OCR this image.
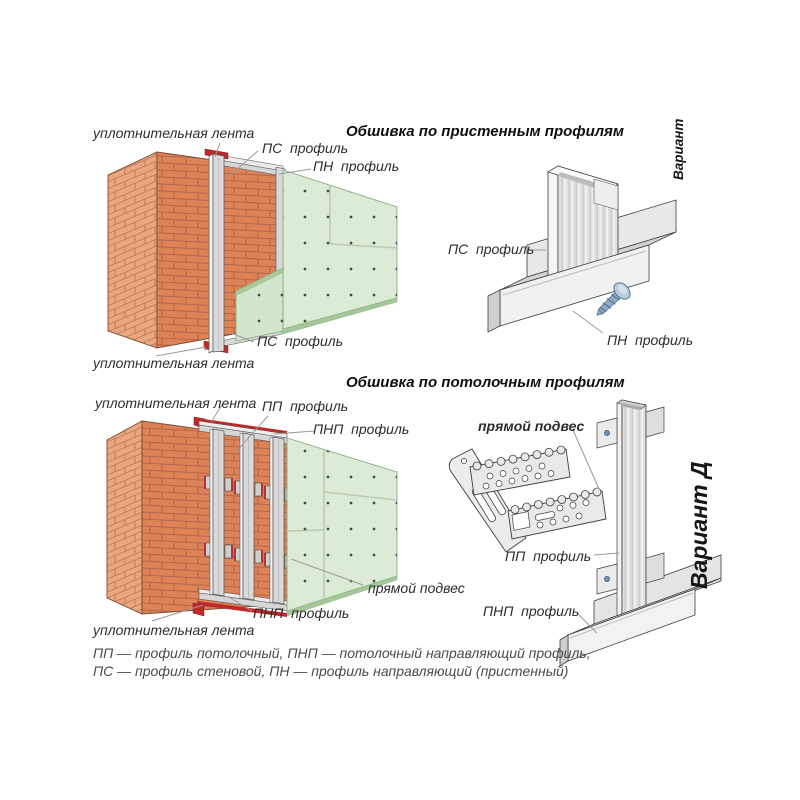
Обшивка по пристенным профилям
уплотнительная лента
ПС  профиль
ПН  профиль
ПС  профиль
уплотнительная лента
ПС  профиль
ПН  профиль
Вариант
Обшивка по потолочным профилям
уплотнительная лента ПП  профиль
ПНП  профиль
прямой подвес
ПНП  профиль
уплотнительная лента
прямой подвес
ПП  профиль
ПНП  профиль
Вариант Д
ПП — профиль потолочный, ПНП — потолочный направляющий профиль,
ПС — профиль стеновой, ПН — профиль направляющий (пристенный)
